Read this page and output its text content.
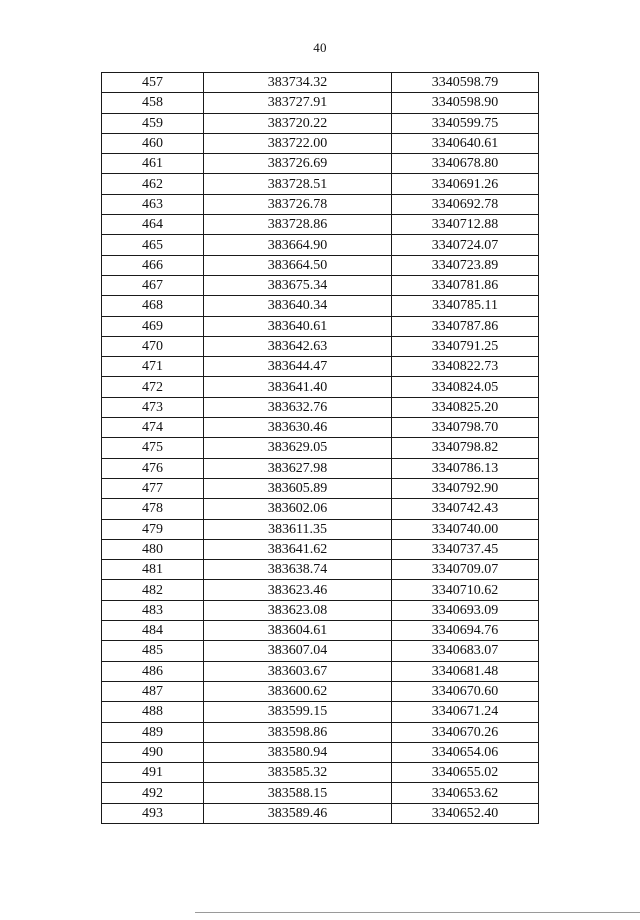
40
457	383734.32	3340598.79
458	383727.91	3340598.90
459	383720.22	3340599.75
460	383722.00	3340640.61
461	383726.69	3340678.80
462	383728.51	3340691.26
463	383726.78	3340692.78
464	383728.86	3340712.88
465	383664.90	3340724.07
466	383664.50	3340723.89
467	383675.34	3340781.86
468	383640.34	3340785.11
469	383640.61	3340787.86
470	383642.63	3340791.25
471	383644.47	3340822.73
472	383641.40	3340824.05
473	383632.76	3340825.20
474	383630.46	3340798.70
475	383629.05	3340798.82
476	383627.98	3340786.13
477	383605.89	3340792.90
478	383602.06	3340742.43
479	383611.35	3340740.00
480	383641.62	3340737.45
481	383638.74	3340709.07
482	383623.46	3340710.62
483	383623.08	3340693.09
484	383604.61	3340694.76
485	383607.04	3340683.07
486	383603.67	3340681.48
487	383600.62	3340670.60
488	383599.15	3340671.24
489	383598.86	3340670.26
490	383580.94	3340654.06
491	383585.32	3340655.02
492	383588.15	3340653.62
493	383589.46	3340652.40
